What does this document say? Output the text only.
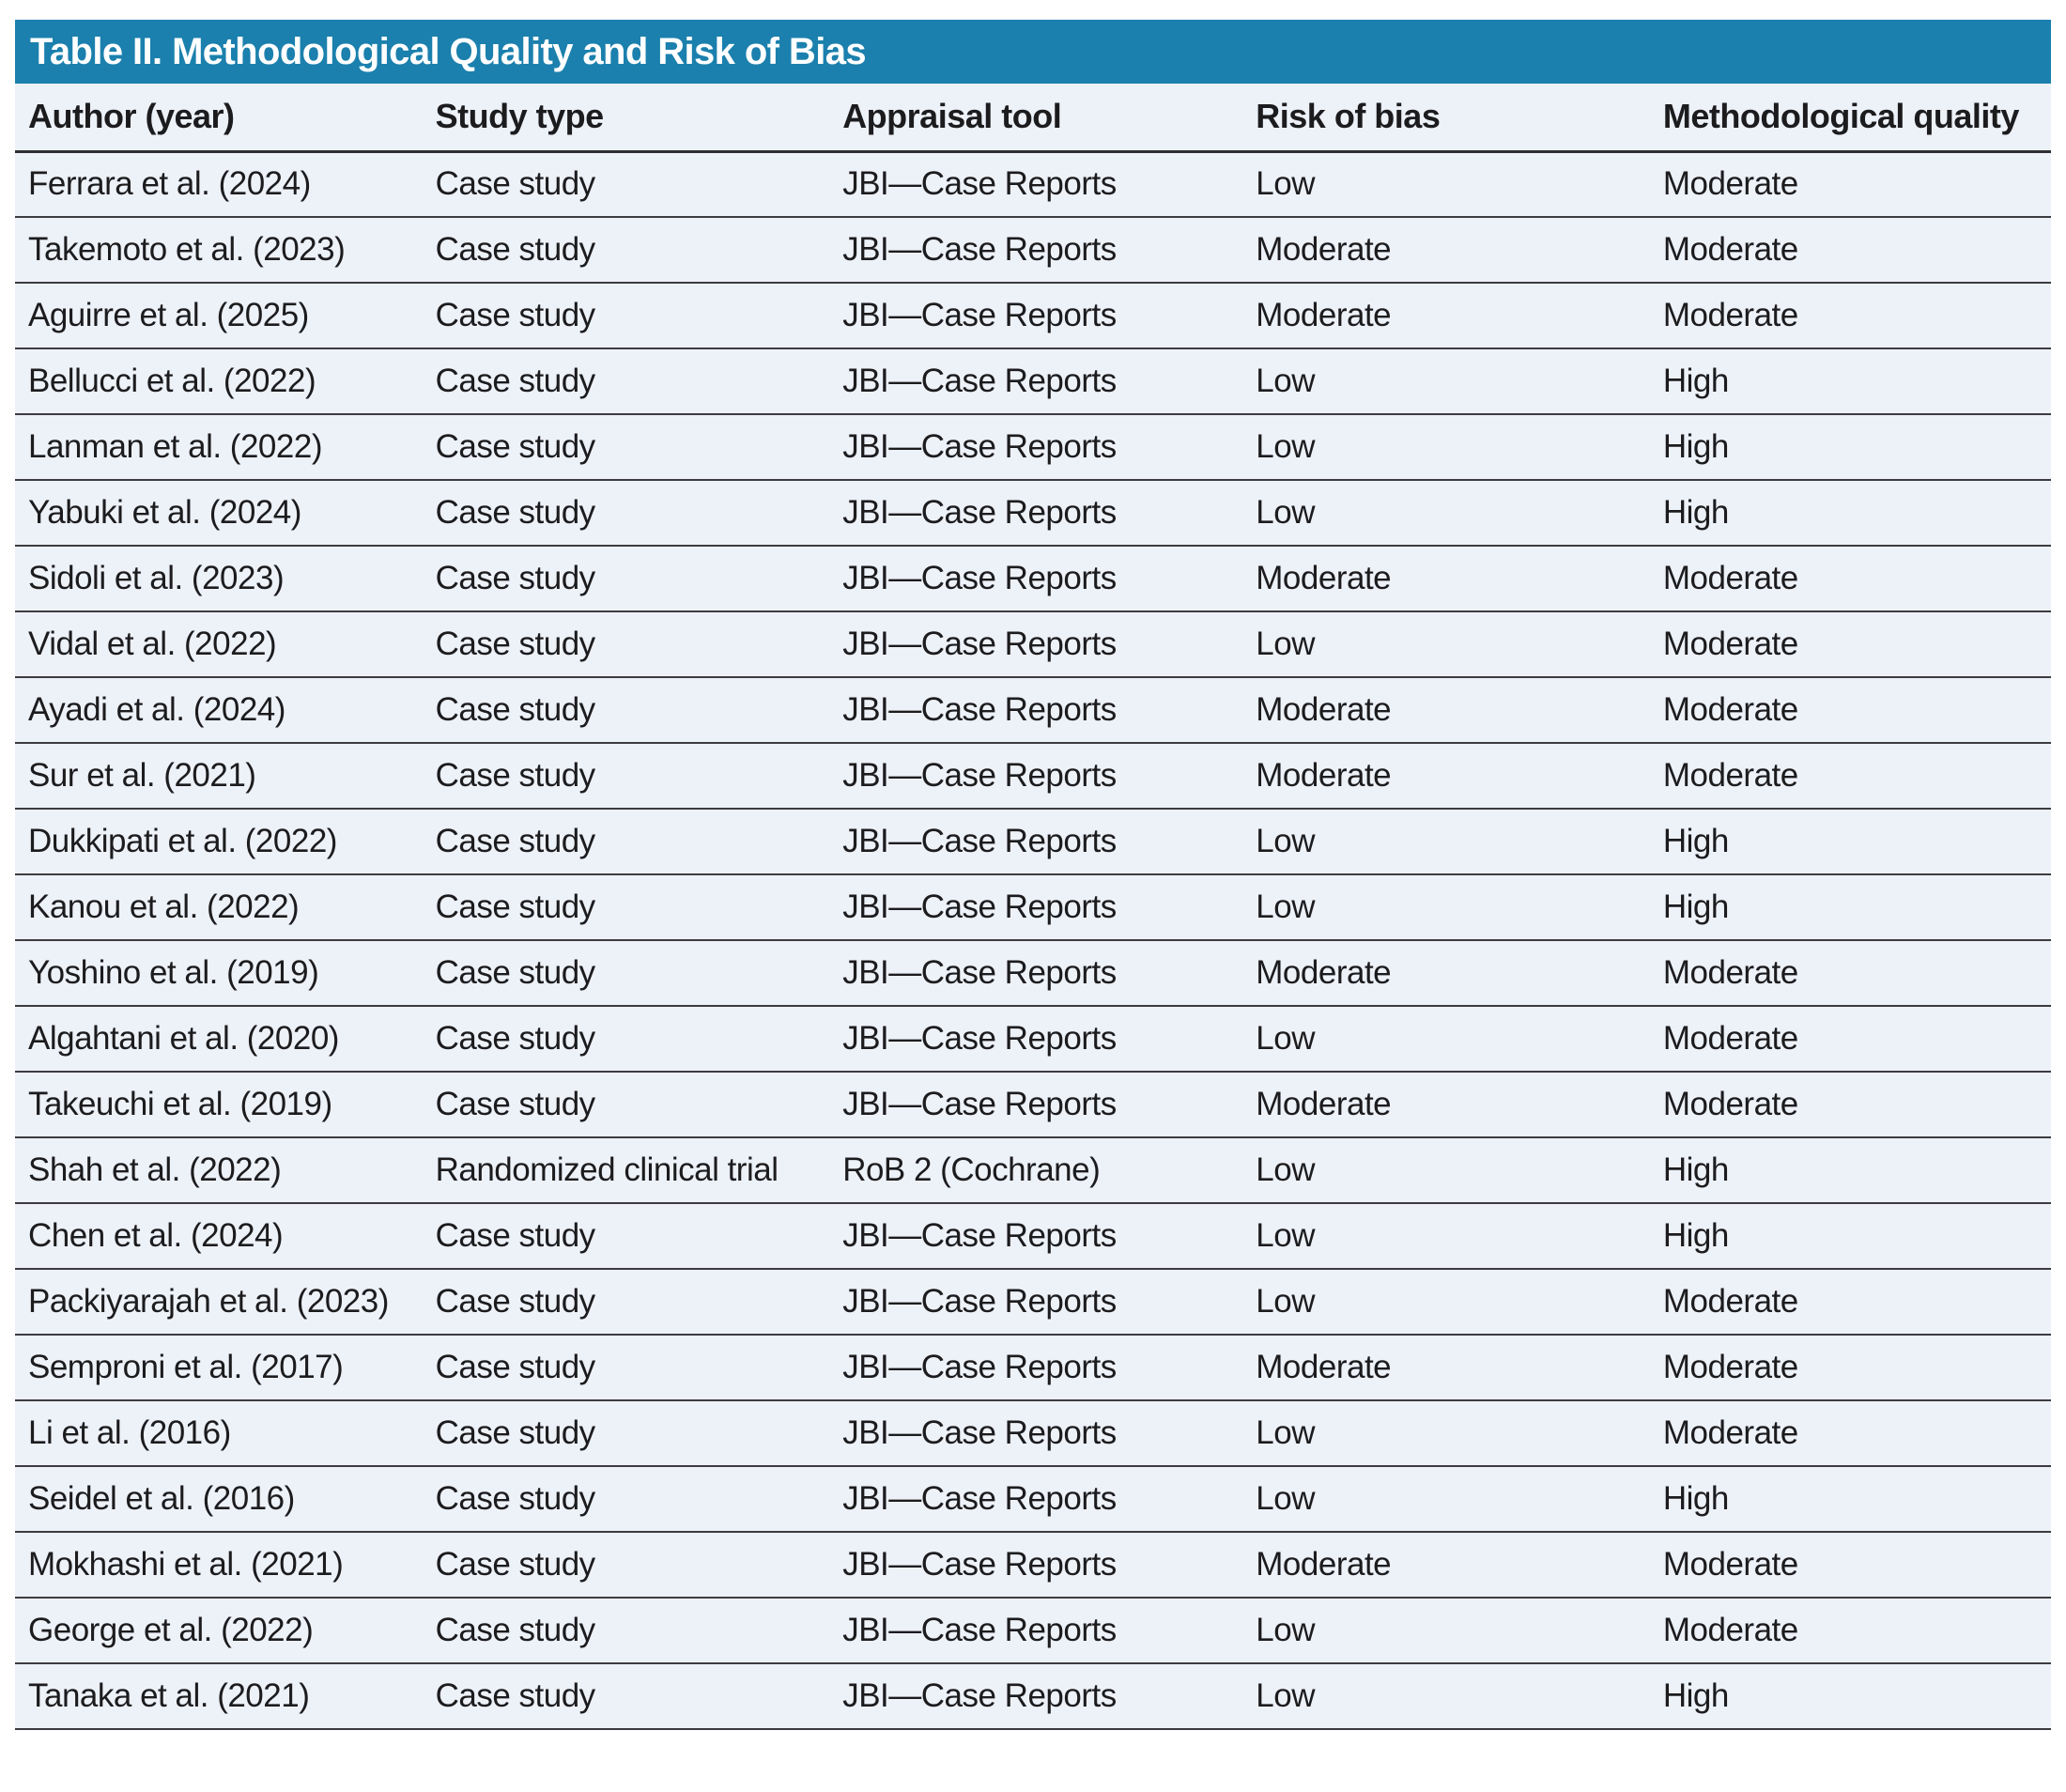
Table II. Methodological Quality and Risk of Bias
Author (year)	Study type	Appraisal tool	Risk of bias	Methodological quality
Ferrara et al. (2024)	Case study	JBI—Case Reports	Low	Moderate
Takemoto et al. (2023)	Case study	JBI—Case Reports	Moderate	Moderate
Aguirre et al. (2025)	Case study	JBI—Case Reports	Moderate	Moderate
Bellucci et al. (2022)	Case study	JBI—Case Reports	Low	High
Lanman et al. (2022)	Case study	JBI—Case Reports	Low	High
Yabuki et al. (2024)	Case study	JBI—Case Reports	Low	High
Sidoli et al. (2023)	Case study	JBI—Case Reports	Moderate	Moderate
Vidal et al. (2022)	Case study	JBI—Case Reports	Low	Moderate
Ayadi et al. (2024)	Case study	JBI—Case Reports	Moderate	Moderate
Sur et al. (2021)	Case study	JBI—Case Reports	Moderate	Moderate
Dukkipati et al. (2022)	Case study	JBI—Case Reports	Low	High
Kanou et al. (2022)	Case study	JBI—Case Reports	Low	High
Yoshino et al. (2019)	Case study	JBI—Case Reports	Moderate	Moderate
Algahtani et al. (2020)	Case study	JBI—Case Reports	Low	Moderate
Takeuchi et al. (2019)	Case study	JBI—Case Reports	Moderate	Moderate
Shah et al. (2022)	Randomized clinical trial	RoB 2 (Cochrane)	Low	High
Chen et al. (2024)	Case study	JBI—Case Reports	Low	High
Packiyarajah et al. (2023)	Case study	JBI—Case Reports	Low	Moderate
Semproni et al. (2017)	Case study	JBI—Case Reports	Moderate	Moderate
Li et al. (2016)	Case study	JBI—Case Reports	Low	Moderate
Seidel et al. (2016)	Case study	JBI—Case Reports	Low	High
Mokhashi et al. (2021)	Case study	JBI—Case Reports	Moderate	Moderate
George et al. (2022)	Case study	JBI—Case Reports	Low	Moderate
Tanaka et al. (2021)	Case study	JBI—Case Reports	Low	High
